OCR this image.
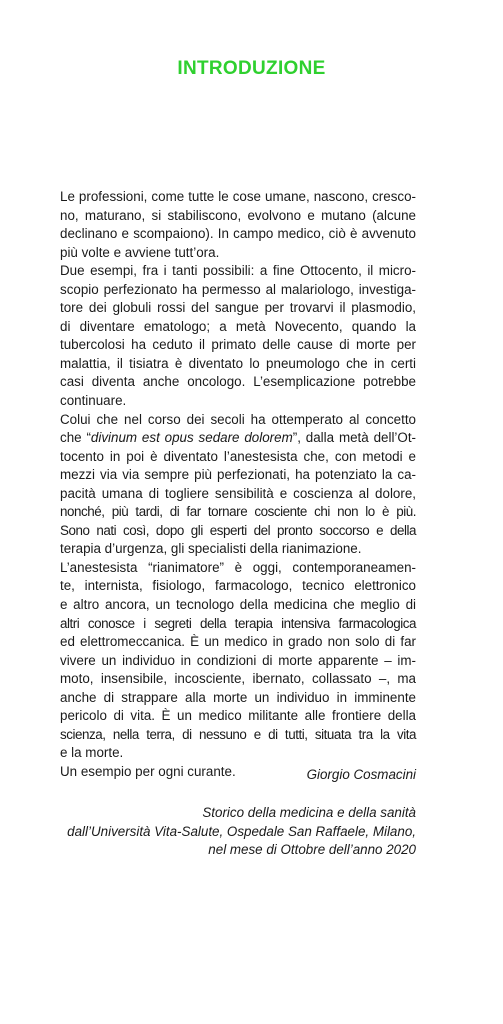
INTRODUZIONE
Le professioni, come tutte le cose umane, nascono, cresco-
no, maturano, si stabiliscono, evolvono e mutano (alcune
declinano e scompaiono). In campo medico, ciò è avvenuto
più volte e avviene tutt’ora.
Due esempi, fra i tanti possibili: a fine Ottocento, il micro-
scopio perfezionato ha permesso al malariologo, investiga-
tore dei globuli rossi del sangue per trovarvi il plasmodio,
di diventare ematologo; a metà Novecento, quando la
tubercolosi ha ceduto il primato delle cause di morte per
malattia, il tisiatra è diventato lo pneumologo che in certi
casi diventa anche oncologo. L’esemplicazione potrebbe
continuare.
Colui che nel corso dei secoli ha ottemperato al concetto
che “divinum est opus sedare dolorem”, dalla metà dell’Ot-
tocento in poi è diventato l’anestesista che, con metodi e
mezzi via via sempre più perfezionati, ha potenziato la ca-
pacità umana di togliere sensibilità e coscienza al dolore,
nonché, più tardi, di far tornare cosciente chi non lo è più.
Sono nati così, dopo gli esperti del pronto soccorso e della
terapia d’urgenza, gli specialisti della rianimazione.
L’anestesista “rianimatore” è oggi, contemporaneamen-
te, internista, fisiologo, farmacologo, tecnico elettronico
e altro ancora, un tecnologo della medicina che meglio di
altri conosce i segreti della terapia intensiva farmacologica
ed elettromeccanica. È un medico in grado non solo di far
vivere un individuo in condizioni di morte apparente – im-
moto, insensibile, incosciente, ibernato, collassato –, ma
anche di strappare alla morte un individuo in imminente
pericolo di vita. È un medico militante alle frontiere della
scienza, nella terra, di nessuno e di tutti, situata tra la vita
e la morte.
Un esempio per ogni curante.	Giorgio Cosmacini
Storico della medicina e della sanità
dall’Università Vita-Salute, Ospedale San Raffaele, Milano,
nel mese di Ottobre dell’anno 2020
